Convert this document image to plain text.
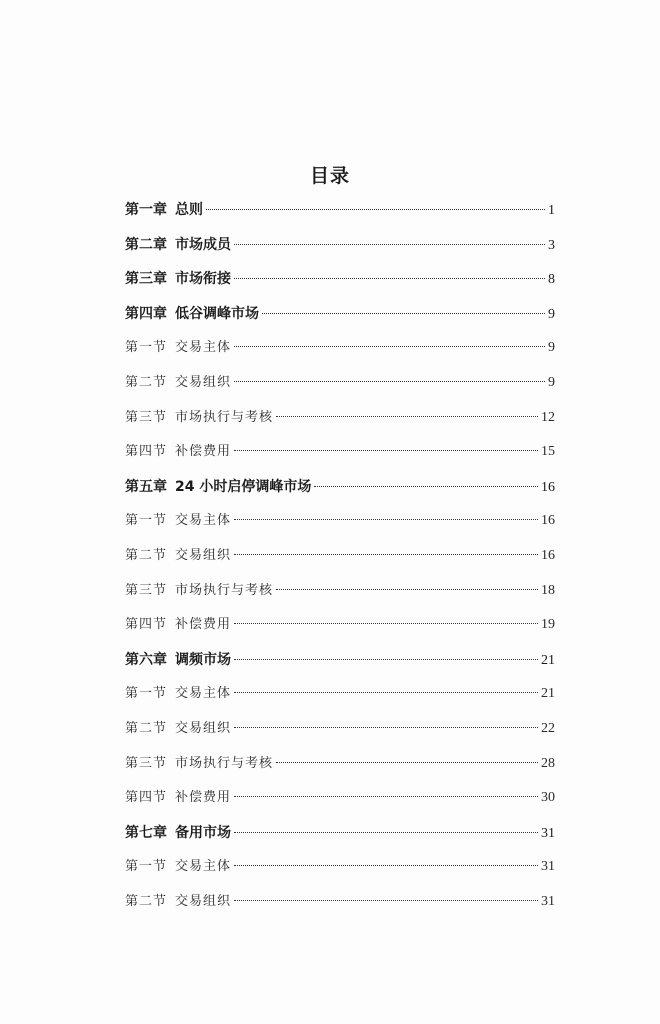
目录
第一章 总则	1
第二章 市场成员	3
第三章 市场衔接	8
第四章 低谷调峰市场	9
第一节 交易主体	9
第二节 交易组织	9
第三节 市场执行与考核	12
第四节 补偿费用	15
第五章 24 小时启停调峰市场	16
第一节 交易主体	16
第二节 交易组织	16
第三节 市场执行与考核	18
第四节 补偿费用	19
第六章 调频市场	21
第一节 交易主体	21
第二节 交易组织	22
第三节 市场执行与考核	28
第四节 补偿费用	30
第七章 备用市场	31
第一节 交易主体	31
第二节 交易组织	31
